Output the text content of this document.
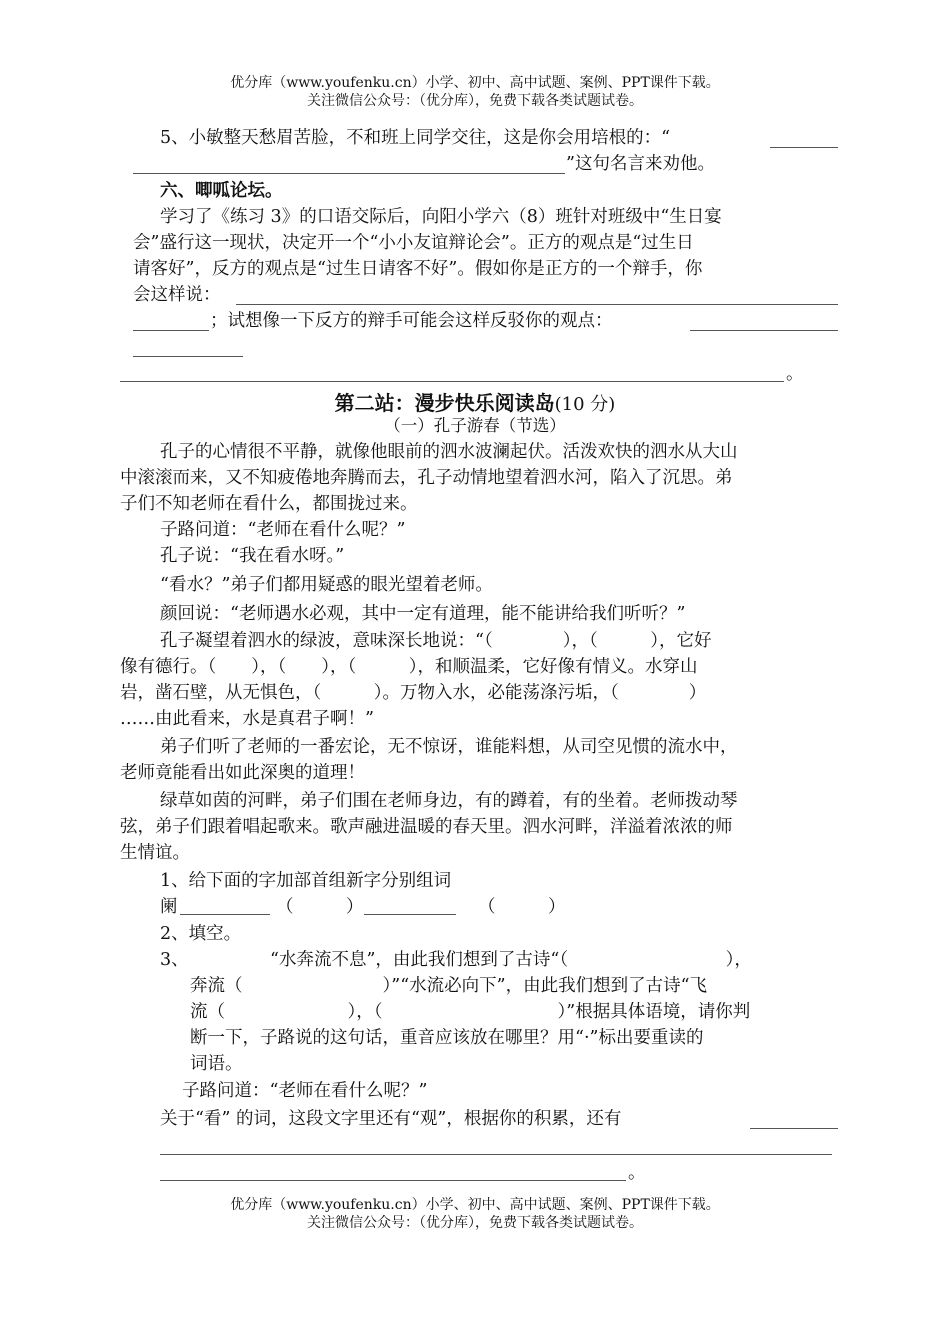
优分库（www.youfenku.cn）小学、初中、高中试题、案例、PPT课件下载。
关注微信公众号：（优分库），免费下载各类试题试卷。
5、小敏整天愁眉苦脸，不和班上同学交往，这是你会用培根的：“
”这句名言来劝他。
六、唧呱论坛。
学习了《练习 3》的口语交际后，向阳小学六（8）班针对班级中“生日宴
会”盛行这一现状，决定开一个“小小友谊辩论会”。正方的观点是“过生日
请客好”，反方的观点是“过生日请客不好”。假如你是正方的一个辩手，你
会这样说：
；试想像一下反方的辩手可能会这样反驳你的观点：
。
第二站：漫步快乐阅读岛(10 分)
（一）孔子游春（节选）
孔子的心情很不平静，就像他眼前的泗水波澜起伏。活泼欢快的泗水从大山
中滚滚而来，又不知疲倦地奔腾而去，孔子动情地望着泗水河，陷入了沉思。弟
子们不知老师在看什么，都围拢过来。
子路问道：“老师在看什么呢？”
孔子说：“我在看水呀。”
“看水？”弟子们都用疑惑的眼光望着老师。
颜回说：“老师遇水必观，其中一定有道理，能不能讲给我们听听？”
孔子凝望着泗水的绿波，意味深长地说：“（　　　　），（　　　），它好
像有德行。（　　），（　　），（　　　），和顺温柔，它好像有情义。水穿山
岩，凿石壁，从无惧色，（　　　）。万物入水，必能荡涤污垢，（　　　　）
……由此看来，水是真君子啊！”
弟子们听了老师的一番宏论，无不惊讶，谁能料想，从司空见惯的流水中，
老师竟能看出如此深奥的道理！
绿草如茵的河畔，弟子们围在老师身边，有的蹲着，有的坐着。老师拨动琴
弦，弟子们跟着唱起歌来。歌声融进温暖的春天里。泗水河畔，洋溢着浓浓的师
生情谊。
1、给下面的字加部首组新字分别组词
阑	（　　　）	（　　　）
2、填空。
3、	“水奔流不息”，由此我们想到了古诗“（　　　　　　　　　），
奔流（　　　　　　　　）”“水流必向下”，由此我们想到了古诗“飞
流（　　　　　　　），（　　　　　　　　　　）”根据具体语境，请你判
断一下，子路说的这句话，重音应该放在哪里？用“·”标出要重读的
词语。
子路问道：“老师在看什么呢？”
关于“看” 的词，这段文字里还有“观”，根据你的积累，还有
。
优分库（www.youfenku.cn）小学、初中、高中试题、案例、PPT课件下载。
关注微信公众号：（优分库），免费下载各类试题试卷。
